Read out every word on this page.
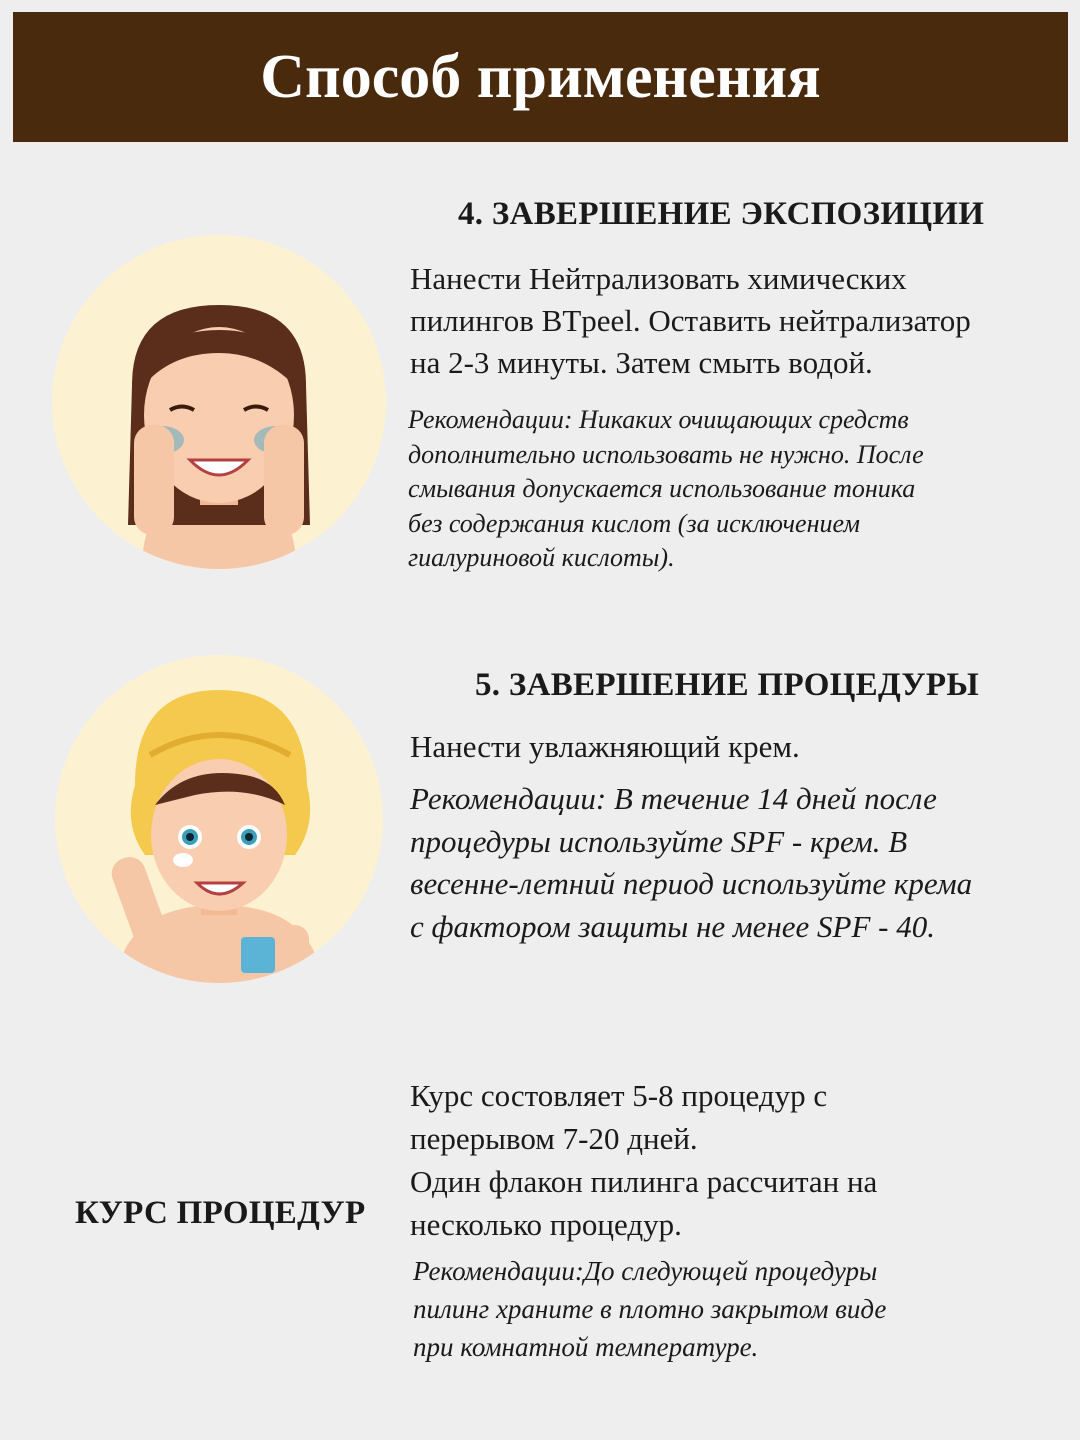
Способ применения
4. ЗАВЕРШЕНИЕ ЭКСПОЗИЦИИ

Нанести Нейтрализовать химических
пилингов BTpeel. Оставить нейтрализатор
на 2-3 минуты. Затем смыть водой.

Рекомендации: Никаких очищающих средств
дополнительно использовать не нужно. После
смывания допускается использование тоника
без содержания кислот (за исключением
гиалуриновой кислоты).

5. ЗАВЕРШЕНИЕ ПРОЦЕДУРЫ

Нанести увлажняющий крем.

Рекомендации: В течение 14 дней после
процедуры используйте SPF - крем. В
весенне-летний период используйте крема
с фактором защиты не менее SPF - 40.

КУРС ПРОЦЕДУР

Курс состовляет 5-8 процедур с
перерывом 7-20 дней.
Один флакон пилинга рассчитан на
несколько процедур.

Рекомендации:До следующей процедуры
пилинг храните в плотно закрытом виде
при комнатной температуре.
